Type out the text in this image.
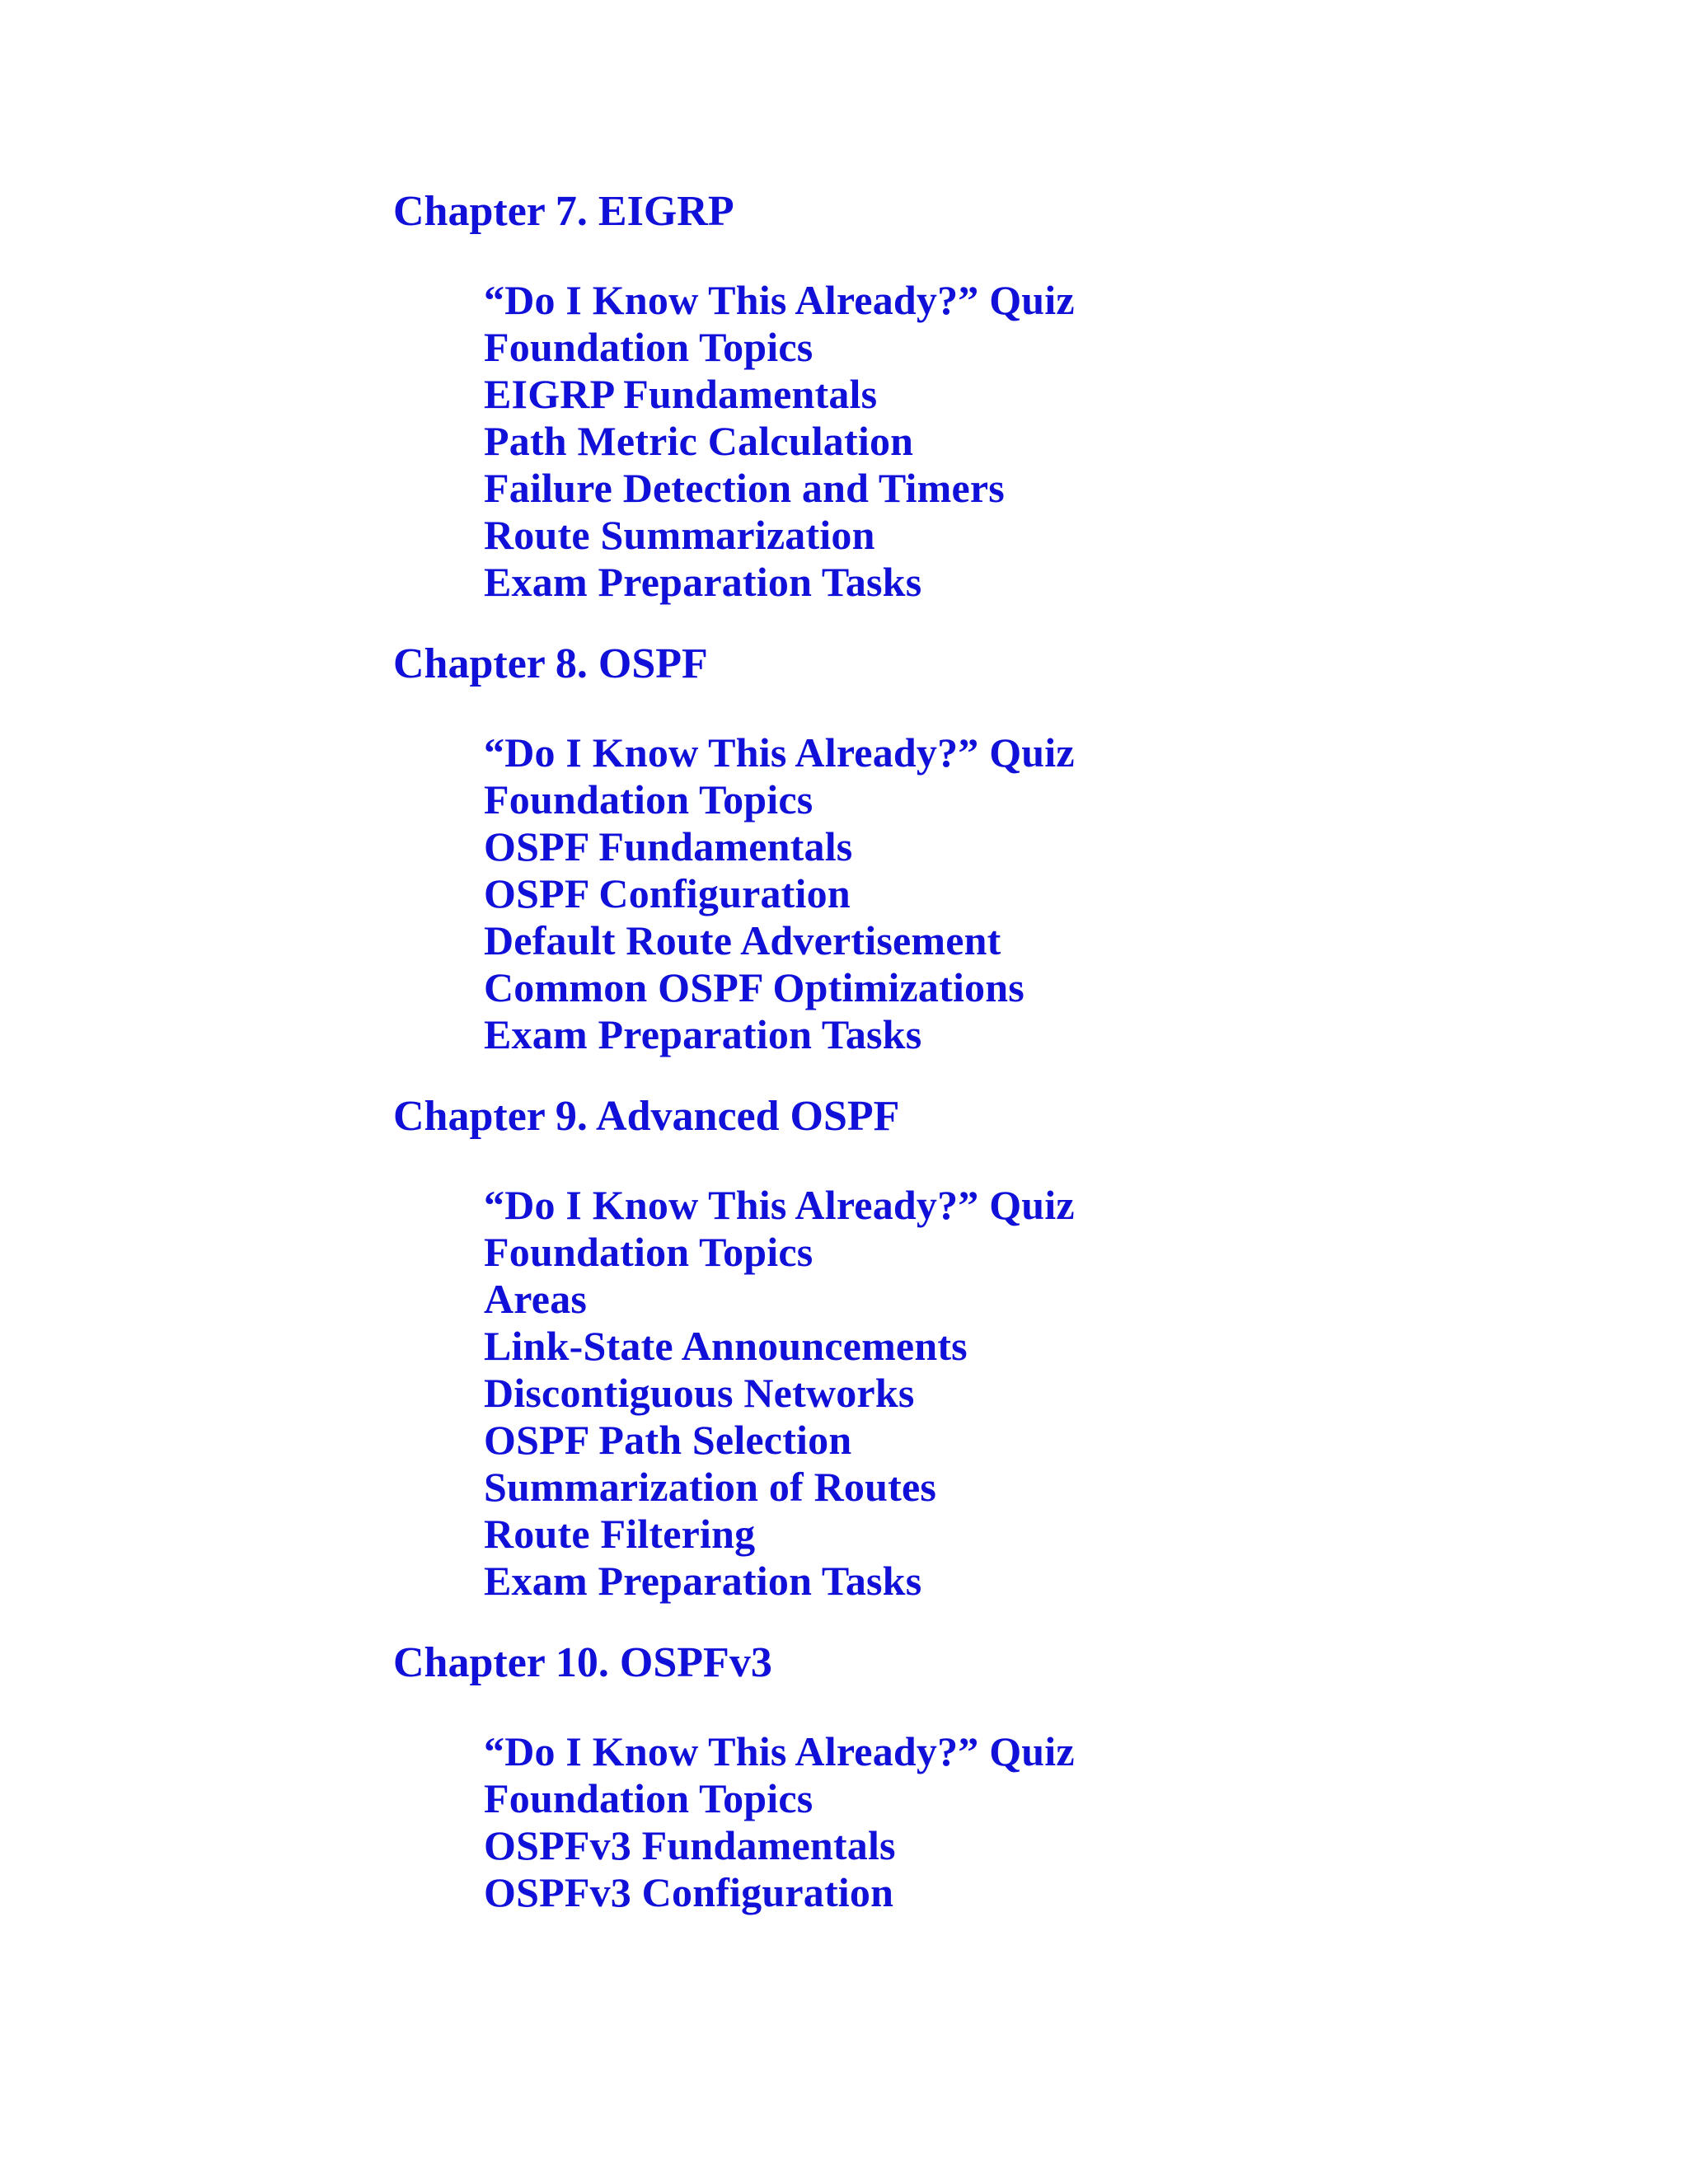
Chapter 7. EIGRP
“Do I Know This Already?” Quiz
Foundation Topics
EIGRP Fundamentals
Path Metric Calculation
Failure Detection and Timers
Route Summarization
Exam Preparation Tasks
Chapter 8. OSPF
“Do I Know This Already?” Quiz
Foundation Topics
OSPF Fundamentals
OSPF Configuration
Default Route Advertisement
Common OSPF Optimizations
Exam Preparation Tasks
Chapter 9. Advanced OSPF
“Do I Know This Already?” Quiz
Foundation Topics
Areas
Link-State Announcements
Discontiguous Networks
OSPF Path Selection
Summarization of Routes
Route Filtering
Exam Preparation Tasks
Chapter 10. OSPFv3
“Do I Know This Already?” Quiz
Foundation Topics
OSPFv3 Fundamentals
OSPFv3 Configuration
